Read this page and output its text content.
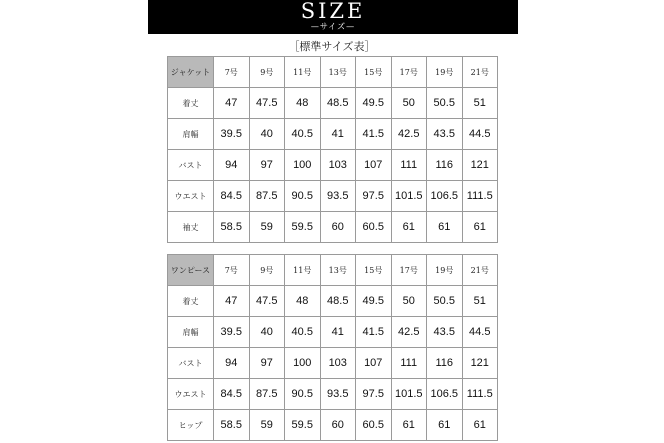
SIZE
—サイズ—
［標準サイズ表］
ジャケット	7号	9号	11号	13号	15号	17号	19号	21号
着丈	47	47.5	48	48.5	49.5	50	50.5	51
肩幅	39.5	40	40.5	41	41.5	42.5	43.5	44.5
バスト	94	97	100	103	107	111	116	121
ウエスト	84.5	87.5	90.5	93.5	97.5	101.5	106.5	111.5
袖丈	58.5	59	59.5	60	60.5	61	61	61
ワンピース	7号	9号	11号	13号	15号	17号	19号	21号
着丈	47	47.5	48	48.5	49.5	50	50.5	51
肩幅	39.5	40	40.5	41	41.5	42.5	43.5	44.5
バスト	94	97	100	103	107	111	116	121
ウエスト	84.5	87.5	90.5	93.5	97.5	101.5	106.5	111.5
ヒップ	58.5	59	59.5	60	60.5	61	61	61
